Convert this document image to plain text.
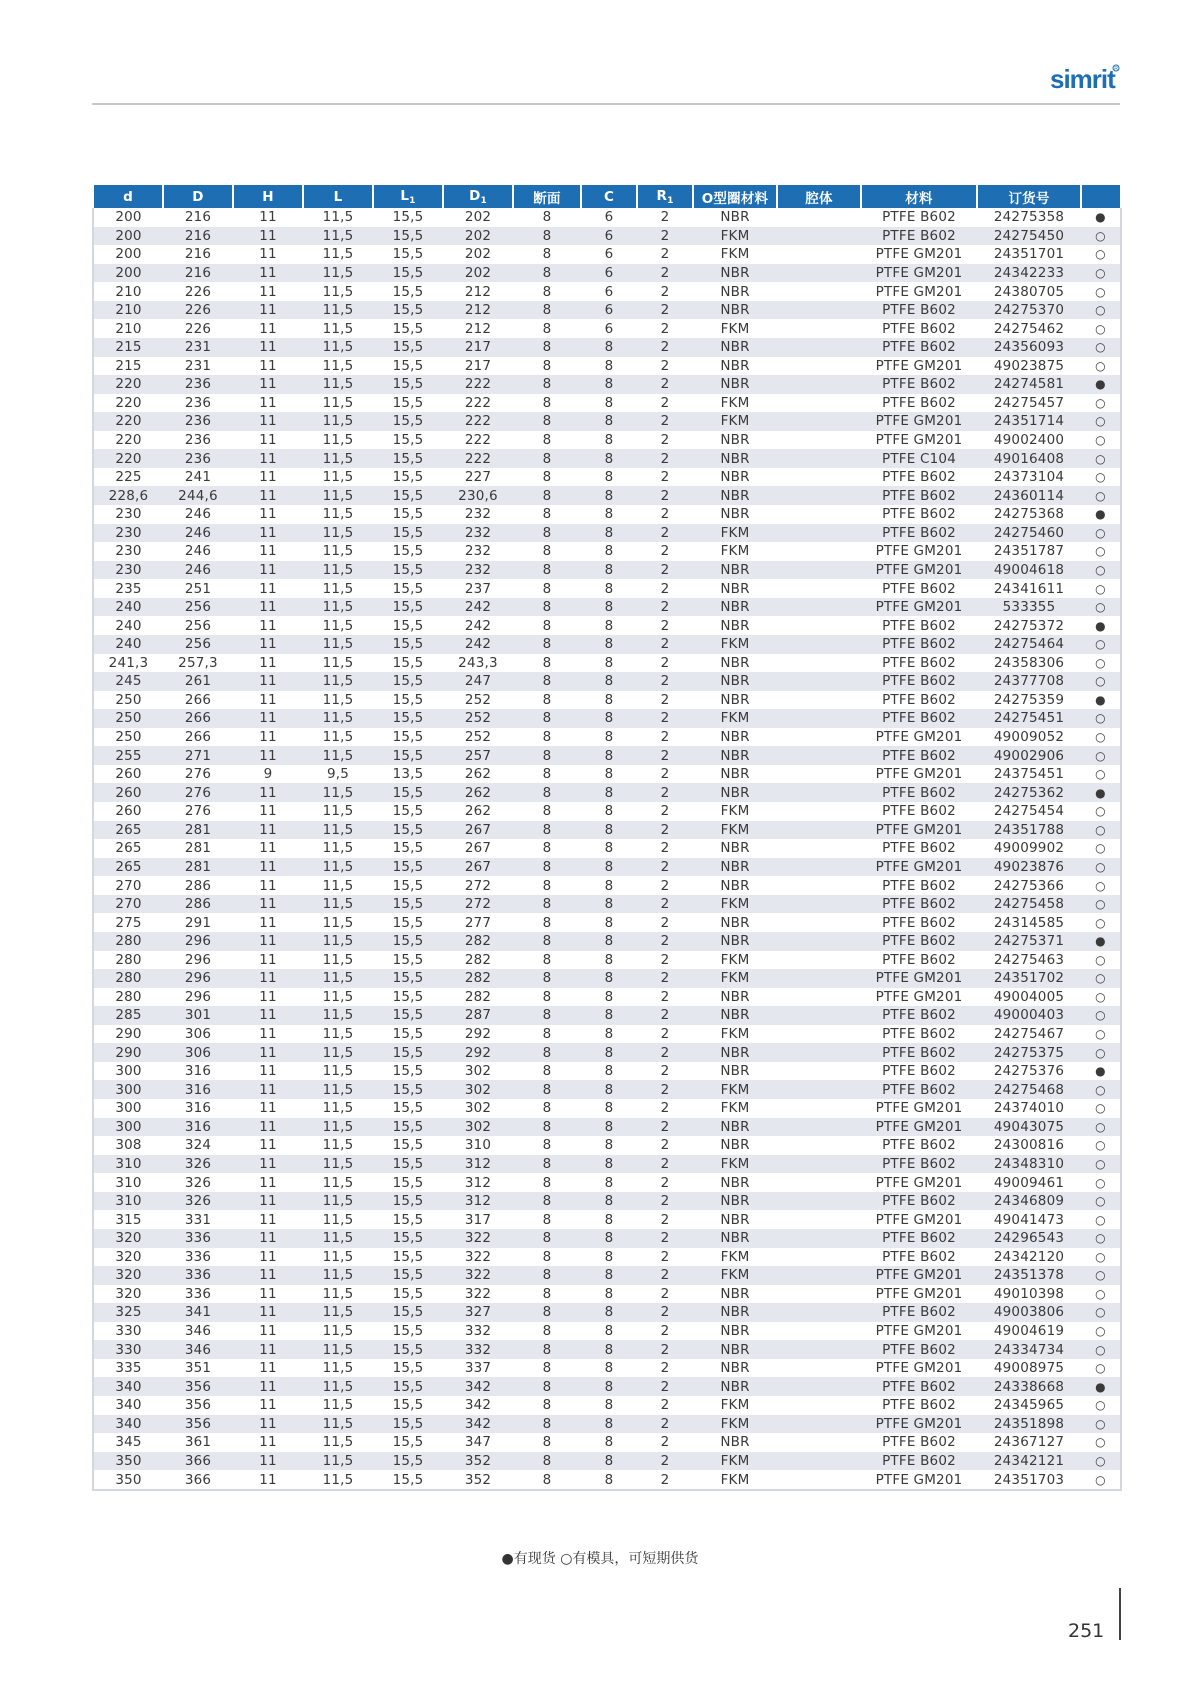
simrit R
d	D	H	L	$L_1$	$D_1$	断面	C	$R_1$	O型圈材料	腔体	材料	订货号	
200	216	11	11,5	15,5	202	8	6	2	NBR		PTFE B602	24275358	●
200	216	11	11,5	15,5	202	8	6	2	FKM		PTFE B602	24275450	○
200	216	11	11,5	15,5	202	8	6	2	FKM		PTFE GM201	24351701	○
200	216	11	11,5	15,5	202	8	6	2	NBR		PTFE GM201	24342233	○
210	226	11	11,5	15,5	212	8	6	2	NBR		PTFE GM201	24380705	○
210	226	11	11,5	15,5	212	8	6	2	NBR		PTFE B602	24275370	○
210	226	11	11,5	15,5	212	8	6	2	FKM		PTFE B602	24275462	○
215	231	11	11,5	15,5	217	8	8	2	NBR		PTFE B602	24356093	○
215	231	11	11,5	15,5	217	8	8	2	NBR		PTFE GM201	49023875	○
220	236	11	11,5	15,5	222	8	8	2	NBR		PTFE B602	24274581	●
220	236	11	11,5	15,5	222	8	8	2	FKM		PTFE B602	24275457	○
220	236	11	11,5	15,5	222	8	8	2	FKM		PTFE GM201	24351714	○
220	236	11	11,5	15,5	222	8	8	2	NBR		PTFE GM201	49002400	○
220	236	11	11,5	15,5	222	8	8	2	NBR		PTFE C104	49016408	○
225	241	11	11,5	15,5	227	8	8	2	NBR		PTFE B602	24373104	○
228,6	244,6	11	11,5	15,5	230,6	8	8	2	NBR		PTFE B602	24360114	○
230	246	11	11,5	15,5	232	8	8	2	NBR		PTFE B602	24275368	●
230	246	11	11,5	15,5	232	8	8	2	FKM		PTFE B602	24275460	○
230	246	11	11,5	15,5	232	8	8	2	FKM		PTFE GM201	24351787	○
230	246	11	11,5	15,5	232	8	8	2	NBR		PTFE GM201	49004618	○
235	251	11	11,5	15,5	237	8	8	2	NBR		PTFE B602	24341611	○
240	256	11	11,5	15,5	242	8	8	2	NBR		PTFE GM201	533355	○
240	256	11	11,5	15,5	242	8	8	2	NBR		PTFE B602	24275372	●
240	256	11	11,5	15,5	242	8	8	2	FKM		PTFE B602	24275464	○
241,3	257,3	11	11,5	15,5	243,3	8	8	2	NBR		PTFE B602	24358306	○
245	261	11	11,5	15,5	247	8	8	2	NBR		PTFE B602	24377708	○
250	266	11	11,5	15,5	252	8	8	2	NBR		PTFE B602	24275359	●
250	266	11	11,5	15,5	252	8	8	2	FKM		PTFE B602	24275451	○
250	266	11	11,5	15,5	252	8	8	2	NBR		PTFE GM201	49009052	○
255	271	11	11,5	15,5	257	8	8	2	NBR		PTFE B602	49002906	○
260	276	9	9,5	13,5	262	8	8	2	NBR		PTFE GM201	24375451	○
260	276	11	11,5	15,5	262	8	8	2	NBR		PTFE B602	24275362	●
260	276	11	11,5	15,5	262	8	8	2	FKM		PTFE B602	24275454	○
265	281	11	11,5	15,5	267	8	8	2	FKM		PTFE GM201	24351788	○
265	281	11	11,5	15,5	267	8	8	2	NBR		PTFE B602	49009902	○
265	281	11	11,5	15,5	267	8	8	2	NBR		PTFE GM201	49023876	○
270	286	11	11,5	15,5	272	8	8	2	NBR		PTFE B602	24275366	○
270	286	11	11,5	15,5	272	8	8	2	FKM		PTFE B602	24275458	○
275	291	11	11,5	15,5	277	8	8	2	NBR		PTFE B602	24314585	○
280	296	11	11,5	15,5	282	8	8	2	NBR		PTFE B602	24275371	●
280	296	11	11,5	15,5	282	8	8	2	FKM		PTFE B602	24275463	○
280	296	11	11,5	15,5	282	8	8	2	FKM		PTFE GM201	24351702	○
280	296	11	11,5	15,5	282	8	8	2	NBR		PTFE GM201	49004005	○
285	301	11	11,5	15,5	287	8	8	2	NBR		PTFE B602	49000403	○
290	306	11	11,5	15,5	292	8	8	2	FKM		PTFE B602	24275467	○
290	306	11	11,5	15,5	292	8	8	2	NBR		PTFE B602	24275375	○
300	316	11	11,5	15,5	302	8	8	2	NBR		PTFE B602	24275376	●
300	316	11	11,5	15,5	302	8	8	2	FKM		PTFE B602	24275468	○
300	316	11	11,5	15,5	302	8	8	2	FKM		PTFE GM201	24374010	○
300	316	11	11,5	15,5	302	8	8	2	NBR		PTFE GM201	49043075	○
308	324	11	11,5	15,5	310	8	8	2	NBR		PTFE B602	24300816	○
310	326	11	11,5	15,5	312	8	8	2	FKM		PTFE B602	24348310	○
310	326	11	11,5	15,5	312	8	8	2	NBR		PTFE GM201	49009461	○
310	326	11	11,5	15,5	312	8	8	2	NBR		PTFE B602	24346809	○
315	331	11	11,5	15,5	317	8	8	2	NBR		PTFE GM201	49041473	○
320	336	11	11,5	15,5	322	8	8	2	NBR		PTFE B602	24296543	○
320	336	11	11,5	15,5	322	8	8	2	FKM		PTFE B602	24342120	○
320	336	11	11,5	15,5	322	8	8	2	FKM		PTFE GM201	24351378	○
320	336	11	11,5	15,5	322	8	8	2	NBR		PTFE GM201	49010398	○
325	341	11	11,5	15,5	327	8	8	2	NBR		PTFE B602	49003806	○
330	346	11	11,5	15,5	332	8	8	2	NBR		PTFE GM201	49004619	○
330	346	11	11,5	15,5	332	8	8	2	NBR		PTFE B602	24334734	○
335	351	11	11,5	15,5	337	8	8	2	NBR		PTFE GM201	49008975	○
340	356	11	11,5	15,5	342	8	8	2	NBR		PTFE B602	24338668	●
340	356	11	11,5	15,5	342	8	8	2	FKM		PTFE B602	24345965	○
340	356	11	11,5	15,5	342	8	8	2	FKM		PTFE GM201	24351898	○
345	361	11	11,5	15,5	347	8	8	2	NBR		PTFE B602	24367127	○
350	366	11	11,5	15,5	352	8	8	2	FKM		PTFE B602	24342121	○
350	366	11	11,5	15,5	352	8	8	2	FKM		PTFE GM201	24351703	○
●有现货 ○有模具，可短期供货
251
